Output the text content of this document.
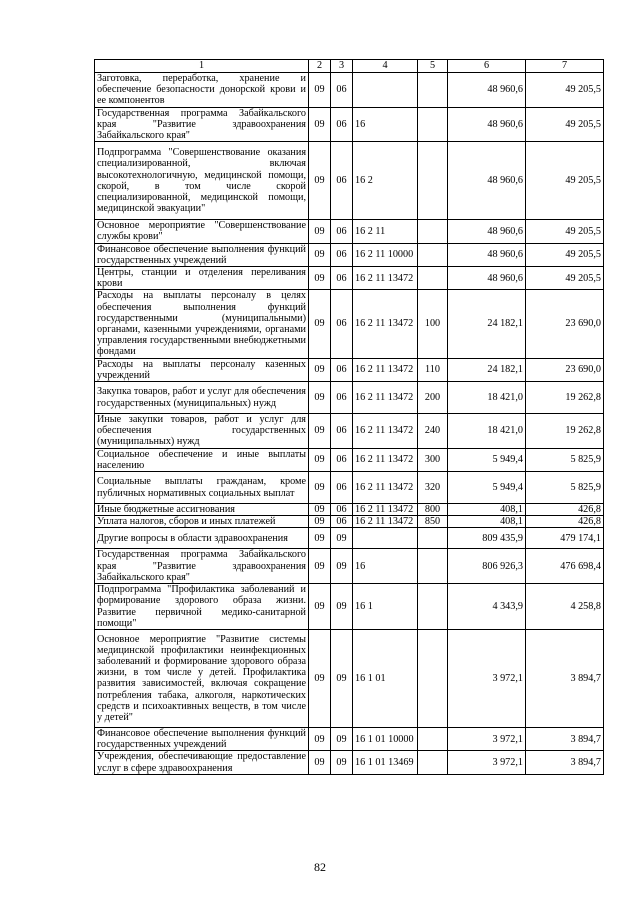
1	2	3	4	5	6	7
Заготовка, переработка, хранение и обеспечение безопасности донорской крови и ее компонентов	09	06			48 960,6	49 205,5
Государственная программа Забайкальского края "Развитие здравоохранения Забайкальского края"	09	06	16		48 960,6	49 205,5
Подпрограмма "Совершенствование оказания специализированной, включая высокотехнологичную, медицинской помощи, скорой, в том числе скорой специализированной, медицинской помощи, медицинской эвакуации"	09	06	16 2		48 960,6	49 205,5
Основное мероприятие "Совершенствование службы крови"	09	06	16 2 11		48 960,6	49 205,5
Финансовое обеспечение выполнения функций государственных учреждений	09	06	16 2 11 10000		48 960,6	49 205,5
Центры, станции и отделения переливания крови	09	06	16 2 11 13472		48 960,6	49 205,5
Расходы на выплаты персоналу в целях обеспечения выполнения функций государственными (муниципальными) органами, казенными учреждениями, органами управления государственными внебюджетными фондами	09	06	16 2 11 13472	100	24 182,1	23 690,0
Расходы на выплаты персоналу казенных учреждений	09	06	16 2 11 13472	110	24 182,1	23 690,0
Закупка товаров, работ и услуг для обеспечения государственных (муниципальных) нужд	09	06	16 2 11 13472	200	18 421,0	19 262,8
Иные закупки товаров, работ и услуг для обеспечения государственных (муниципальных) нужд	09	06	16 2 11 13472	240	18 421,0	19 262,8
Социальное обеспечение и иные выплаты населению	09	06	16 2 11 13472	300	5 949,4	5 825,9
Социальные выплаты гражданам, кроме публичных нормативных социальных выплат	09	06	16 2 11 13472	320	5 949,4	5 825,9
Иные бюджетные ассигнования	09	06	16 2 11 13472	800	408,1	426,8
Уплата налогов, сборов и иных платежей	09	06	16 2 11 13472	850	408,1	426,8
Другие вопросы в области здравоохранения	09	09			809 435,9	479 174,1
Государственная программа Забайкальского края "Развитие здравоохранения Забайкальского края"	09	09	16		806 926,3	476 698,4
Подпрограмма "Профилактика заболеваний и формирование здорового образа жизни. Развитие первичной медико-санитарной помощи"	09	09	16 1		4 343,9	4 258,8
Основное мероприятие "Развитие системы медицинской профилактики неинфекционных заболеваний и формирование здорового образа жизни, в том числе у детей. Профилактика развития зависимостей, включая сокращение потребления табака, алкоголя, наркотических средств и психоактивных веществ, в том числе у детей"	09	09	16 1 01		3 972,1	3 894,7
Финансовое обеспечение выполнения функций государственных учреждений	09	09	16 1 01 10000		3 972,1	3 894,7
Учреждения, обеспечивающие предоставление услуг в сфере здравоохранения	09	09	16 1 01 13469		3 972,1	3 894,7
82
